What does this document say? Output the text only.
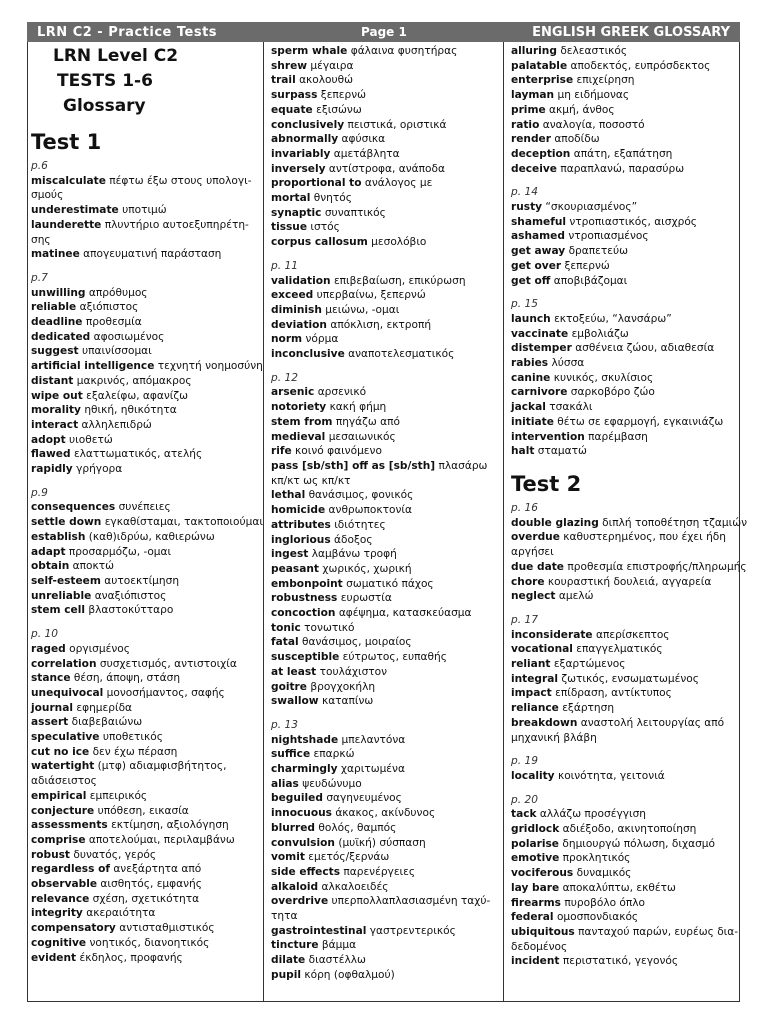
LRN C2 - Practice Tests	Page 1	ENGLISH GREEK GLOSSARY
LRN Level C2
TESTS 1-6
Glossary
Test 1
p.6
miscalculate πέφτω έξω στους υπολογι-
σμούς
underestimate υποτιμώ
launderette πλυντήριο αυτοεξυπηρέτη-
σης
matinee απογευματινή παράσταση
p.7
unwilling απρόθυμος
reliable αξιόπιστος
deadline προθεσμία
dedicated αφοσιωμένος
suggest υπαινίσσομαι
artificial intelligence τεχνητή νοημοσύνη
distant μακρινός, απόμακρος
wipe out εξαλείφω, αφανίζω
morality ηθική, ηθικότητα
interact αλληλεπιδρώ
adopt υιοθετώ
flawed ελαττωματικός, ατελής
rapidly γρήγορα
p.9
consequences συνέπειες
settle down εγκαθίσταμαι, τακτοποιούμαι
establish (καθ)ιδρύω, καθιερώνω
adapt προσαρμόζω, -ομαι
obtain αποκτώ
self-esteem αυτοεκτίμηση
unreliable αναξιόπιστος
stem cell βλαστοκύτταρο
p. 10
raged οργισμένος
correlation συσχετισμός, αντιστοιχία
stance θέση, άποψη, στάση
unequivocal μονοσήμαντος, σαφής
journal εφημερίδα
assert διαβεβαιώνω
speculative υποθετικός
cut no ice δεν έχω πέραση
watertight (μτφ) αδιαμφισβήτητος,
αδιάσειστος
empirical εμπειρικός
conjecture υπόθεση, εικασία
assessments εκτίμηση, αξιολόγηση
comprise αποτελούμαι, περιλαμβάνω
robust δυνατός, γερός
regardless of ανεξάρτητα από
observable αισθητός, εμφανής
relevance σχέση, σχετικότητα
integrity ακεραιότητα
compensatory αντισταθμιστικός
cognitive νοητικός, διανοητικός
evident έκδηλος, προφανής
sperm whale φάλαινα φυσητήρας
shrew μέγαιρα
trail ακολουθώ
surpass ξεπερνώ
equate εξισώνω
conclusively πειστικά, οριστικά
abnormally αφύσικα
invariably αμετάβλητα
inversely αντίστροφα, ανάποδα
proportional to ανάλογος με
mortal θνητός
synaptic συναπτικός
tissue ιστός
corpus callosum μεσολόβιο
p. 11
validation επιβεβαίωση, επικύρωση
exceed υπερβαίνω, ξεπερνώ
diminish μειώνω, -ομαι
deviation απόκλιση, εκτροπή
norm νόρμα
inconclusive αναποτελεσματικός
p. 12
arsenic αρσενικό
notoriety κακή φήμη
stem from πηγάζω από
medieval μεσαιωνικός
rife κοινό φαινόμενο
pass [sb/sth] off as [sb/sth] πλασάρω
κπ/κτ ως κπ/κτ
lethal θανάσιμος, φονικός
homicide ανθρωποκτονία
attributes ιδιότητες
inglorious άδοξος
ingest λαμβάνω τροφή
peasant χωρικός, χωρική
embonpoint σωματικό πάχος
robustness ευρωστία
concoction αφέψημα, κατασκεύασμα
tonic τονωτικό
fatal θανάσιμος, μοιραίος
susceptible εύτρωτος, ευπαθής
at least τουλάχιστον
goitre βρογχοκήλη
swallow καταπίνω
p. 13
nightshade μπελαντόνα
suffice επαρκώ
charmingly χαριτωμένα
alias ψευδώνυμο
beguiled σαγηνευμένος
innocuous άκακος, ακίνδυνος
blurred θολός, θαμπός
convulsion (μυϊκή) σύσπαση
vomit εμετός/ξερνάω
side effects παρενέργειες
alkaloid αλκαλοειδές
overdrive υπερπολλαπλασιασμένη ταχύ-
τητα
gastrointestinal γαστρεντερικός
tincture βάμμα
dilate διαστέλλω
pupil κόρη (οφθαλμού)
alluring δελεαστικός
palatable αποδεκτός, ευπρόσδεκτος
enterprise επιχείρηση
layman μη ειδήμονας
prime ακμή, άνθος
ratio αναλογία, ποσοστό
render αποδίδω
deception απάτη, εξαπάτηση
deceive παραπλανώ, παρασύρω
p. 14
rusty “σκουριασμένος”
shameful ντροπιαστικός, αισχρός
ashamed ντροπιασμένος
get away δραπετεύω
get over ξεπερνώ
get off αποβιβάζομαι
p. 15
launch εκτοξεύω, “λανσάρω”
vaccinate εμβολιάζω
distemper ασθένεια ζώου, αδιαθεσία
rabies λύσσα
canine κυνικός, σκυλίσιος
carnivore σαρκοβόρο ζώο
jackal τσακάλι
initiate θέτω σε εφαρμογή, εγκαινιάζω
intervention παρέμβαση
halt σταματώ
Test 2
p. 16
double glazing διπλή τοποθέτηση τζαμιών
overdue καθυστερημένος, που έχει ήδη
αργήσει
due date προθεσμία επιστροφής/πληρωμής
chore κουραστική δουλειά, αγγαρεία
neglect αμελώ
p. 17
inconsiderate απερίσκεπτος
vocational επαγγελματικός
reliant εξαρτώμενος
integral ζωτικός, ενσωματωμένος
impact επίδραση, αντίκτυπος
reliance εξάρτηση
breakdown αναστολή λειτουργίας από
μηχανική βλάβη
p. 19
locality κοινότητα, γειτονιά
p. 20
tack αλλάζω προσέγγιση
gridlock αδιέξοδο, ακινητοποίηση
polarise δημιουργώ πόλωση, διχασμό
emotive προκλητικός
vociferous δυναμικός
lay bare αποκαλύπτω, εκθέτω
firearms πυροβόλο όπλο
federal ομοσπονδιακός
ubiquitous πανταχού παρών, ευρέως δια-
δεδομένος
incident περιστατικό, γεγονός
